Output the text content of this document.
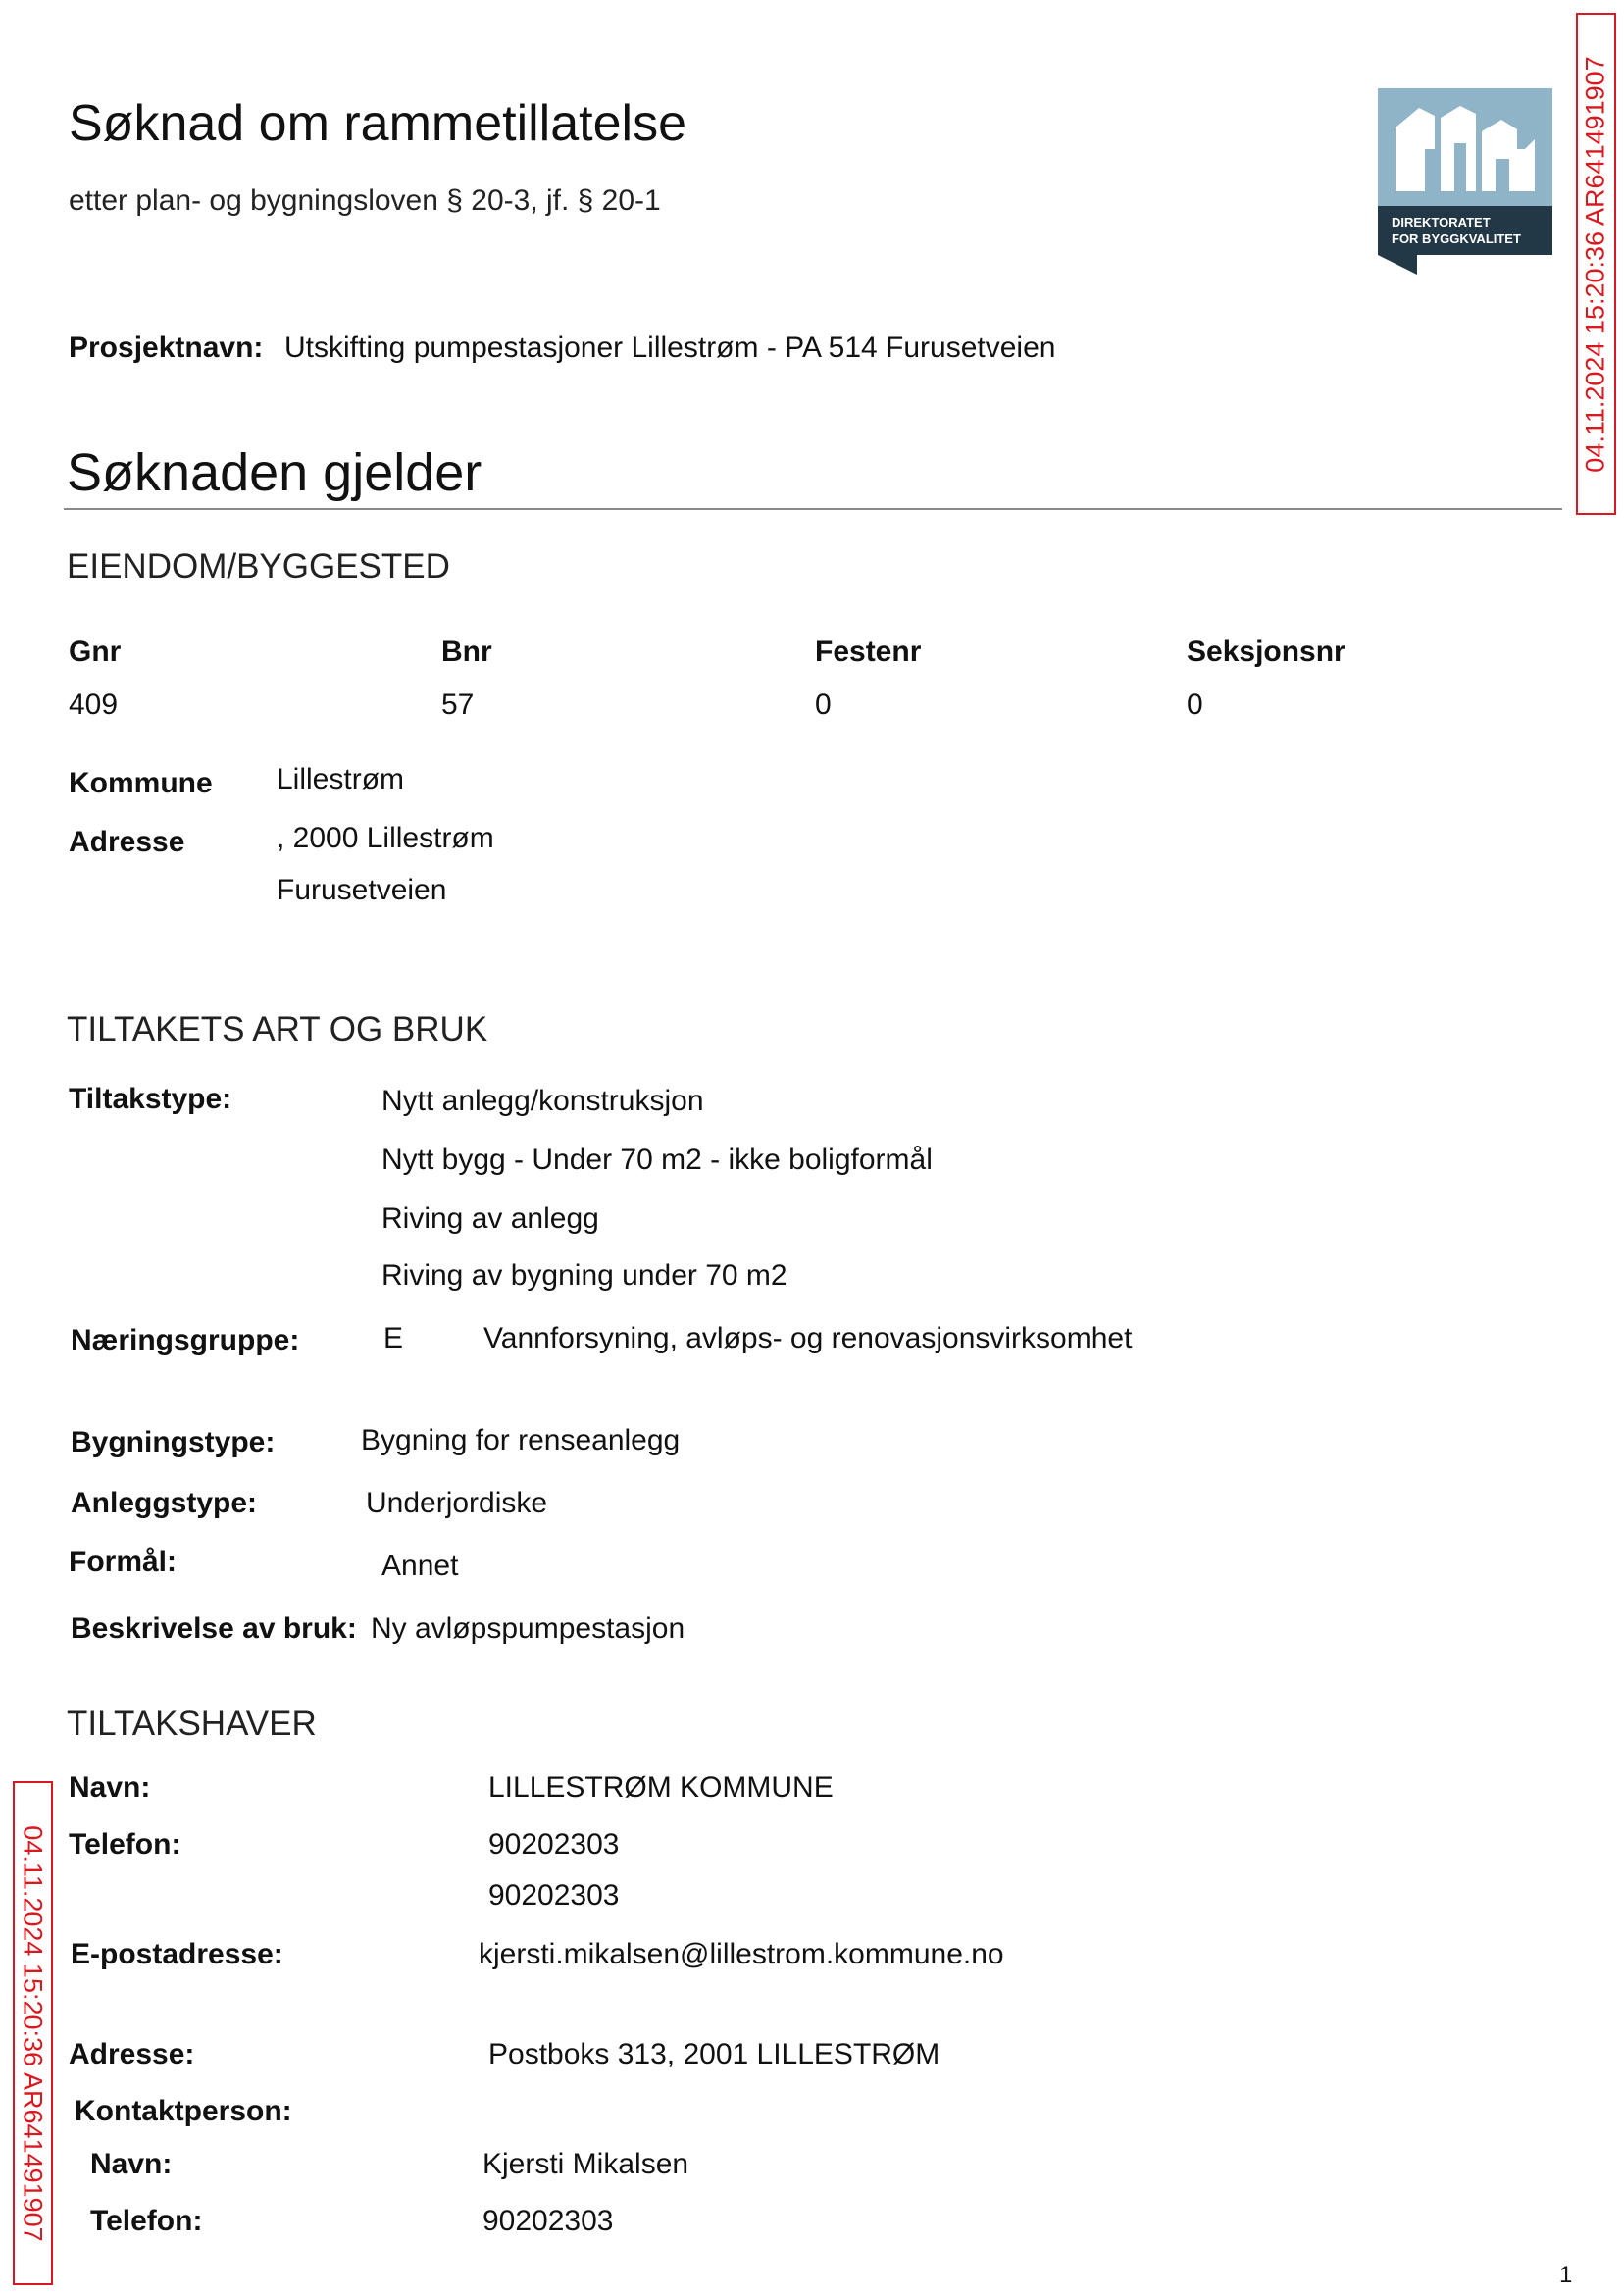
Søknad om rammetillatelse
etter plan- og bygningsloven § 20-3, jf. § 20-1
DIREKTORATET
FOR BYGGKVALITET 04.11.2024 15:20:36 AR641491907
04.11.2024 15:20:36 AR641491907
Prosjektnavn: Utskifting pumpestasjoner Lillestrøm - PA 514 Furusetveien
Søknaden gjelder
EIENDOM/BYGGESTED
Gnr	Bnr	Festenr	Seksjonsnr
409	57	0	0
Kommune Lillestrøm
Adresse	, 2000 Lillestrøm
Furusetveien
TILTAKETS ART OG BRUK
Tiltakstype:	Nytt anlegg/konstruksjon
Nytt bygg - Under 70 m2 - ikke boligformål
Riving av anlegg
Riving av bygning under 70 m2
Næringsgruppe:	E	Vannforsyning, avløps- og renovasjonsvirksomhet
Bygningstype:	Bygning for renseanlegg
Anleggstype:	Underjordiske
Formål:	Annet
Beskrivelse av bruk: Ny avløpspumpestasjon
TILTAKSHAVER
Navn:	LILLESTRØM KOMMUNE
Telefon:	90202303
90202303
E-postadresse:	kjersti.mikalsen@lillestrom.kommune.no
Adresse:	Postboks 313, 2001 LILLESTRØM
Kontaktperson:
Navn:	Kjersti Mikalsen
Telefon:	90202303
1
